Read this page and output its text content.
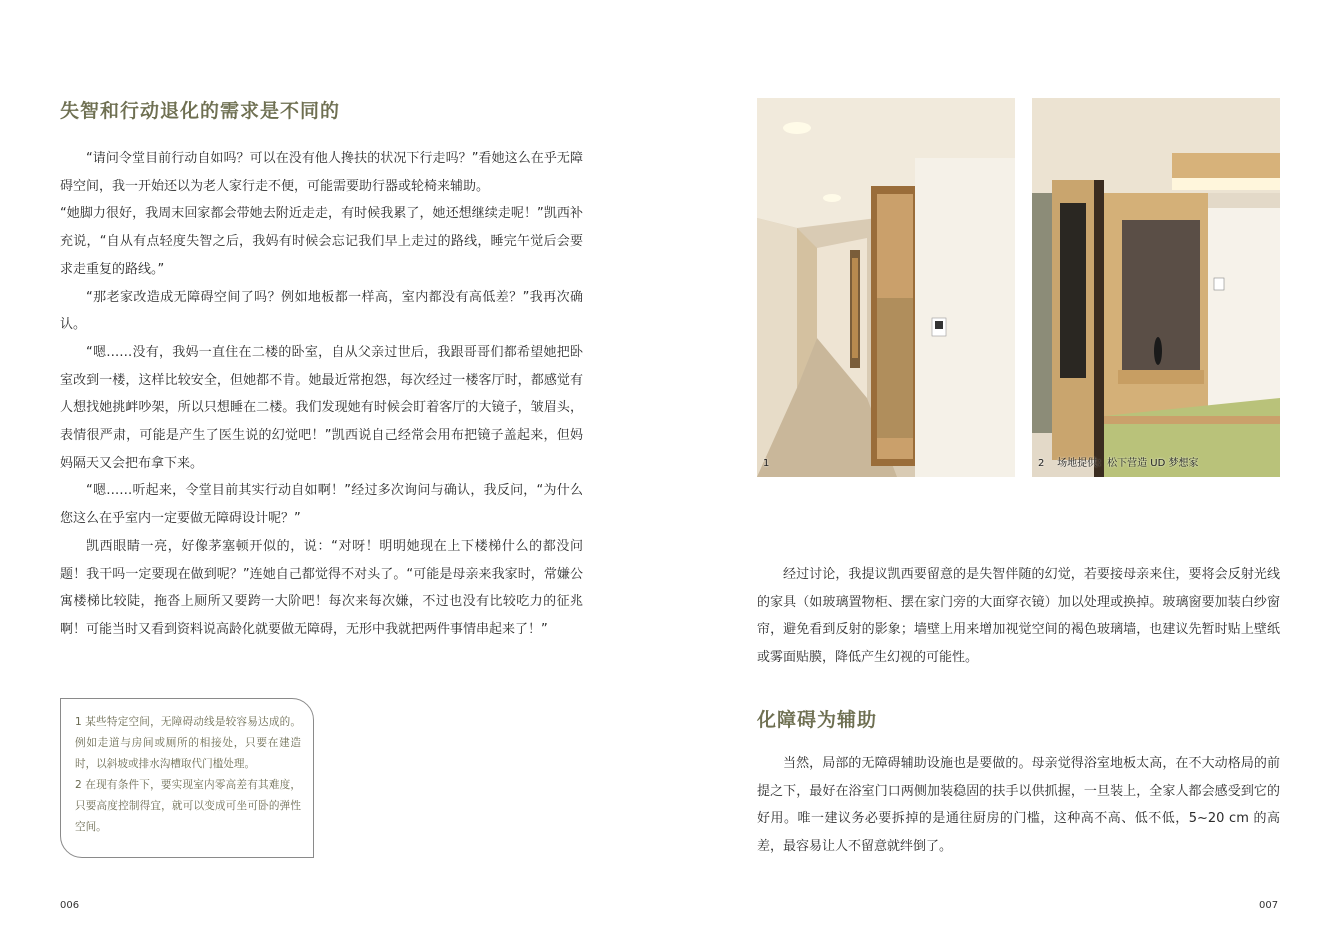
失智和行动退化的需求是不同的

“请问令堂目前行动自如吗？可以在没有他人搀扶的状况下行走吗？”看她这么在乎无障碍空间，我一开始还以为老人家行走不便，可能需要助行器或轮椅来辅助。

“她脚力很好，我周末回家都会带她去附近走走，有时候我累了，她还想继续走呢！”凯西补充说，“自从有点轻度失智之后，我妈有时候会忘记我们早上走过的路线，睡完午觉后会要求走重复的路线。”

“那老家改造成无障碍空间了吗？例如地板都一样高，室内都没有高低差？”我再次确认。

“嗯……没有，我妈一直住在二楼的卧室，自从父亲过世后，我跟哥哥们都希望她把卧室改到一楼，这样比较安全，但她都不肯。她最近常抱怨，每次经过一楼客厅时，都感觉有人想找她挑衅吵架，所以只想睡在二楼。我们发现她有时候会盯着客厅的大镜子，皱眉头，表情很严肃，可能是产生了医生说的幻觉吧！”凯西说自己经常会用布把镜子盖起来，但妈妈隔天又会把布拿下来。

“嗯……听起来，令堂目前其实行动自如啊！”经过多次询问与确认，我反问，“为什么您这么在乎室内一定要做无障碍设计呢？”

凯西眼睛一亮，好像茅塞顿开似的，说：“对呀！明明她现在上下楼梯什么的都没问题！我干吗一定要现在做到呢？”连她自己都觉得不对头了。“可能是母亲来我家时，常嫌公寓楼梯比较陡，拖沓上厕所又要跨一大阶吧！每次来每次嫌，不过也没有比较吃力的征兆啊！可能当时又看到资料说高龄化就要做无障碍，无形中我就把两件事情串起来了！”

1 某些特定空间，无障碍动线是较容易达成的。例如走道与房间或厕所的相接处，只要在建造时，以斜坡或排水沟槽取代门槛处理。

2 在现有条件下，要实现室内零高差有其难度，只要高度控制得宜，就可以变成可坐可卧的弹性空间。

006
1	2 场地提供：松下营造 UD 梦想家

经过讨论，我提议凯西要留意的是失智伴随的幻觉，若要接母亲来住，要将会反射光线的家具（如玻璃置物柜、摆在家门旁的大面穿衣镜）加以处理或换掉。玻璃窗要加装白纱窗帘，避免看到反射的影象；墙壁上用来增加视觉空间的褐色玻璃墙，也建议先暂时贴上壁纸或雾面贴膜，降低产生幻视的可能性。

化障碍为辅助

当然，局部的无障碍辅助设施也是要做的。母亲觉得浴室地板太高，在不大动格局的前提之下，最好在浴室门口两侧加装稳固的扶手以供抓握，一旦装上，全家人都会感受到它的好用。唯一建议务必要拆掉的是通往厨房的门槛，这种高不高、低不低，5~20 cm 的高差，最容易让人不留意就绊倒了。

007
